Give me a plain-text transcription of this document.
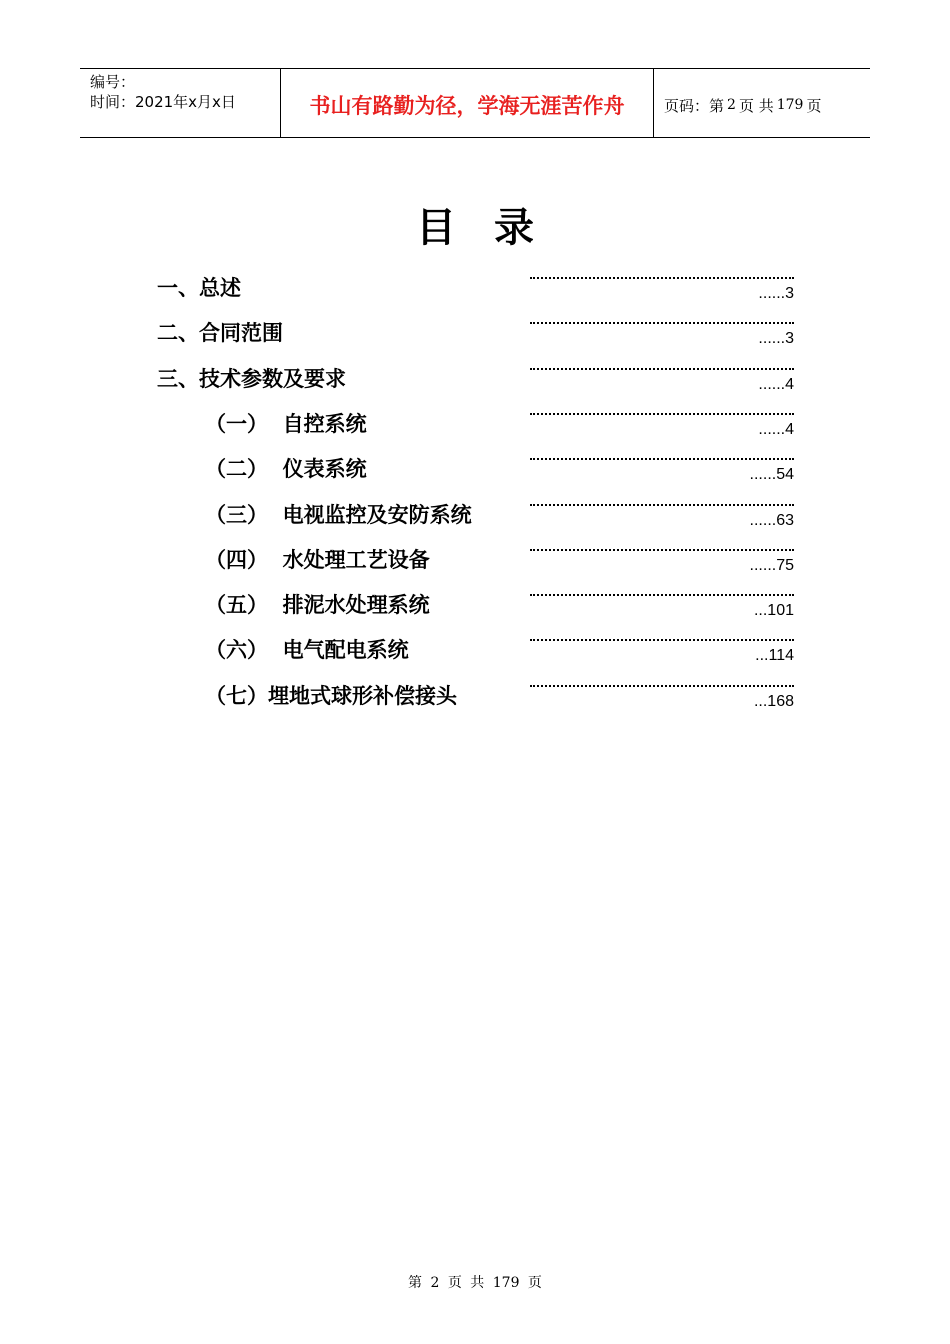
编号：
时间：2021年x月x日	书山有路勤为径，学海无涯苦作舟	页码：第 2 页 共 179 页
目录
一、总述	......3
二、合同范围	......3
三、技术参数及要求	......4
（一）  自控系统	......4
（二）  仪表系统	......54
（三）  电视监控及安防系统	......63
（四）  水处理工艺设备	......75
（五）  排泥水处理系统	...101
（六）  电气配电系统	...114
（七）埋地式球形补偿接头	...168
第 2 页 共 179 页
